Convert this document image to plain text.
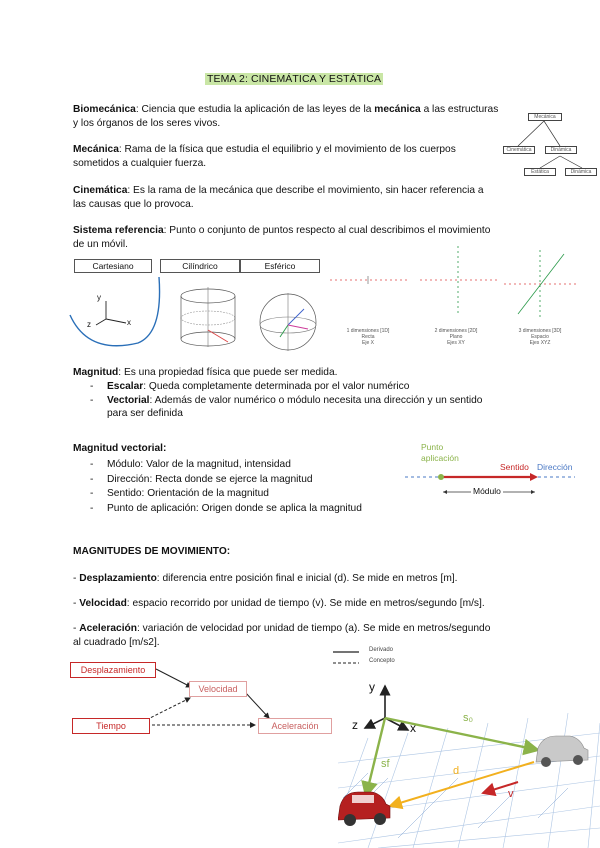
TEMA 2: CINEMÁTICA Y ESTÁTICA
Biomecánica: Ciencia que estudia la aplicación de las leyes de la mecánica a las estructuras
y los órganos de los seres vivos.
Mecánica: Rama de la física que estudia el equilibrio y el movimiento de los cuerpos
sometidos a cualquier fuerza.
Cinemática: Es la rama de la mecánica que describe el movimiento, sin hacer referencia a
las causas que lo provoca.
Sistema referencia: Punto o conjunto de puntos respecto al cual describimos el movimiento
de un móvil.
Mecánica
Cinemática	Dinámica
Estática	Dinámica
Cartesiano	Cilíndrico	Esférico
y
x
z
1 dimensiones [1D]
Recta
Eje X
2 dimensiones [2D]
Plano
Ejes XY
3 dimensiones [3D]
Espacio
Ejes XYZ
Magnitud: Es una propiedad física que puede ser medida.
- Escalar: Queda completamente determinada por el valor numérico
- Vectorial: Además de valor numérico o módulo necesita una dirección y un sentido
para ser definida
Magnitud vectorial:
- Módulo: Valor de la magnitud, intensidad
- Dirección: Recta donde se ejerce la magnitud
- Sentido: Orientación de la magnitud
- Punto de aplicación: Origen donde se aplica la magnitud
Punto
aplicación
Sentido Dirección
Módulo
MAGNITUDES DE MOVIMIENTO:
- Desplazamiento: diferencia entre posición final e inicial (d). Se mide en metros [m].
- Velocidad: espacio recorrido por unidad de tiempo (v). Se mide en metros/segundo [m/s].
- Aceleración: variación de velocidad por unidad de tiempo (a). Se mide en metros/segundo
al cuadrado [m/s2].
Derivado
Concepto
Desplazamiento
Velocidad
Tiempo	Aceleración
y
x
z	s₀
sf
d
v
